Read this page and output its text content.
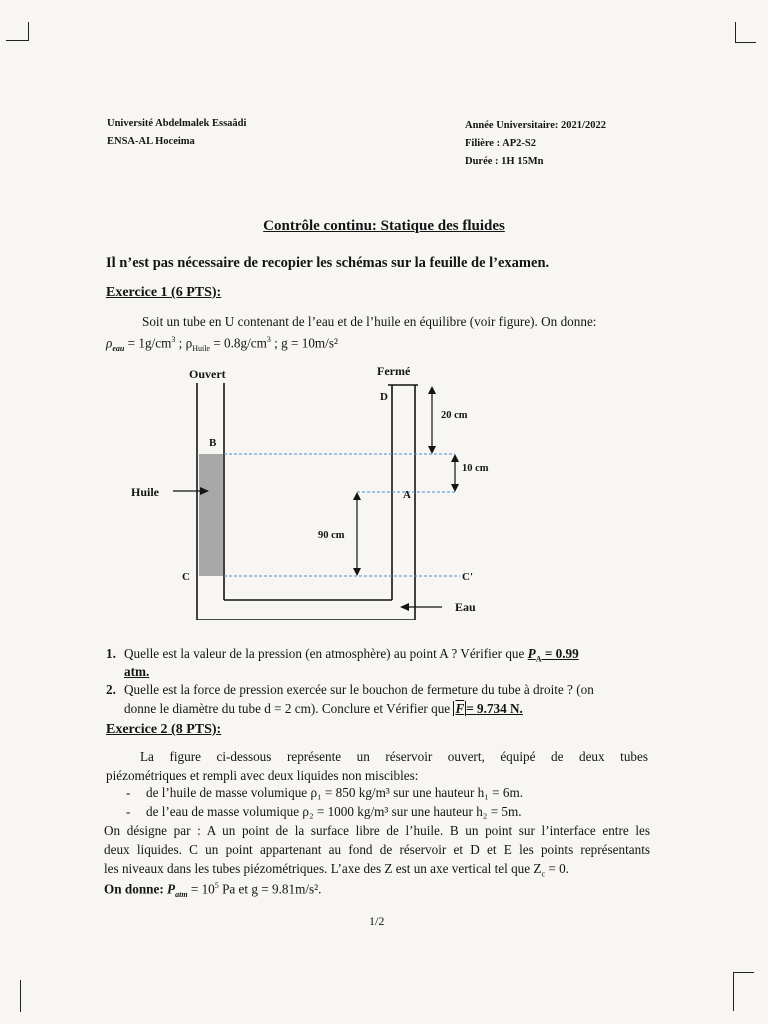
Université Abdelmalek Essaâdi
ENSA-AL Hoceima
Année Universitaire: 2021/2022
Filière : AP2-S2
Durée : 1H 15Mn
Contrôle continu: Statique des fluides
Il n’est pas nécessaire de recopier les schémas sur la feuille de l’examen.
Exercice 1 (6 PTS):
Soit un tube en U contenant de l’eau et de l’huile en équilibre (voir figure). On donne:
$\rho_{eau} = 1g/cm^3$ ; $\rho_{Huile} = 0.8g/cm^3$ ; g = 10m/s²
Ouvert	Fermé
D
B
Huile	A
20 cm
10 cm
90 cm
C	C'
Eau
1. Quelle est la valeur de la pression (en atmosphère) au point A ? Vérifier que $P_A = 0.99$
atm.
2. Quelle est la force de pression exercée sur le bouchon de fermeture du tube à droite ? (on
donne le diamètre du tube d = 2 cm). Conclure et Vérifier que F = 9.734 N.
Exercice 2 (8 PTS):
La figure ci-dessous représente un réservoir ouvert, équipé de deux tubes
piézométriques et rempli avec deux liquides non miscibles:
- de l’huile de masse volumique ρ₁ = 850 kg/m³ sur une hauteur h₁ = 6m.
- de l’eau de masse volumique ρ₂ = 1000 kg/m³ sur une hauteur h₂ = 5m.
On désigne par : A un point de la surface libre de l’huile. B un point sur l’interface entre les
deux liquides. C un point appartenant au fond de réservoir et D et E les points représentants
les niveaux dans les tubes piézométriques. L’axe des Z est un axe vertical tel que $Z_c = 0$.
On donne: $P_{atm} = 10^5$ Pa et g = 9.81m/s².
1/2
